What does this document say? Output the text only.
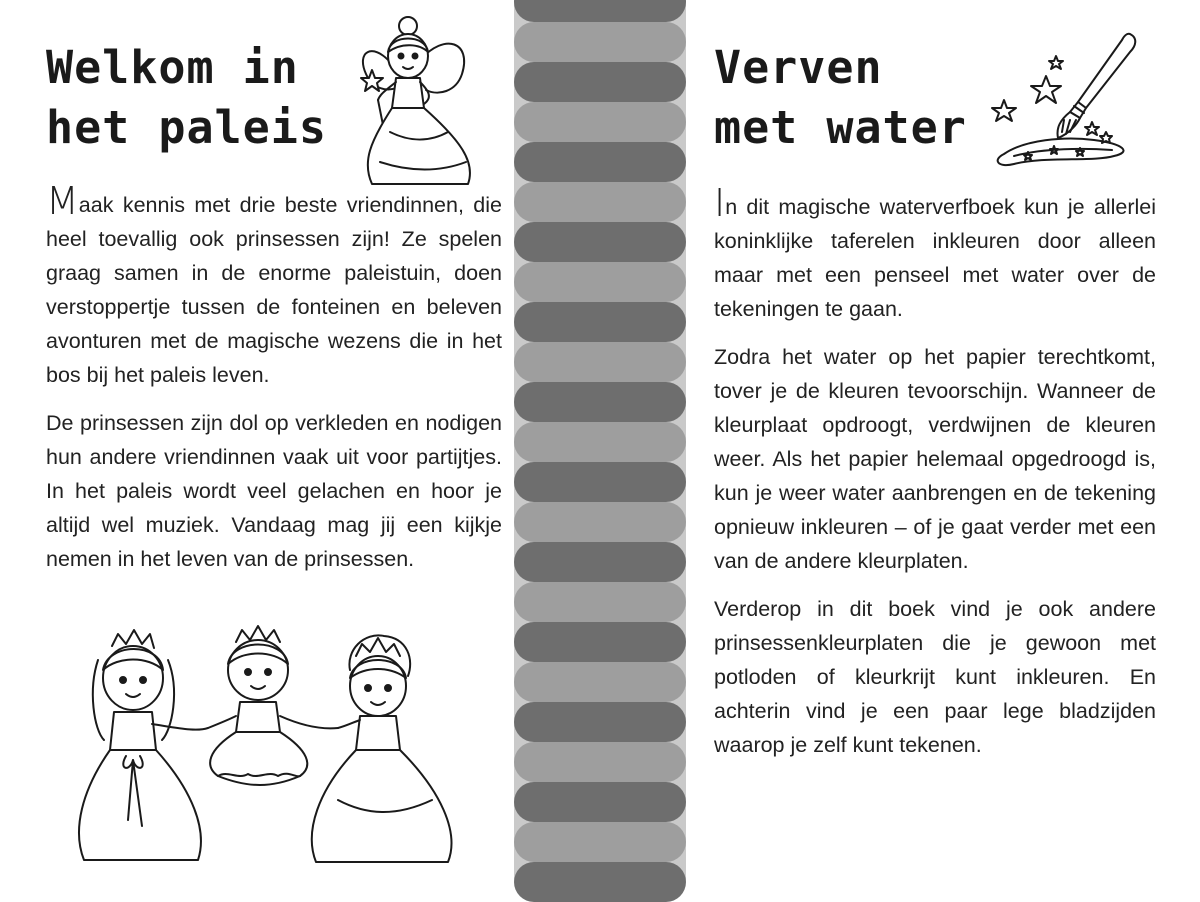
Welkom in
het paleis

Maak kennis met drie beste vriendinnen, die heel toevallig ook prinsessen zijn! Ze spelen graag samen in de enorme paleistuin, doen verstoppertje tussen de fonteinen en beleven avonturen met de magische wezens die in het bos bij het paleis leven.

De prinsessen zijn dol op verkleden en nodigen hun andere vriendinnen vaak uit voor partijtjes. In het paleis wordt veel gelachen en hoor je altijd wel muziek. Vandaag mag jij een kijkje nemen in het leven van de prinsessen.

Verven
met water

In dit magische waterverfboek kun je allerlei koninklijke taferelen inkleuren door alleen maar met een penseel met water over de tekeningen te gaan.

Zodra het water op het papier terechtkomt, tover je de kleuren tevoorschijn. Wanneer de kleurplaat opdroogt, verdwijnen de kleuren weer. Als het papier helemaal opgedroogd is, kun je weer water aanbrengen en de tekening opnieuw inkleuren – of je gaat verder met een van de andere kleurplaten.

Verderop in dit boek vind je ook andere prinsessenkleurplaten die je gewoon met potloden of kleurkrijt kunt inkleuren. En achterin vind je een paar lege bladzijden waarop je zelf kunt tekenen.
